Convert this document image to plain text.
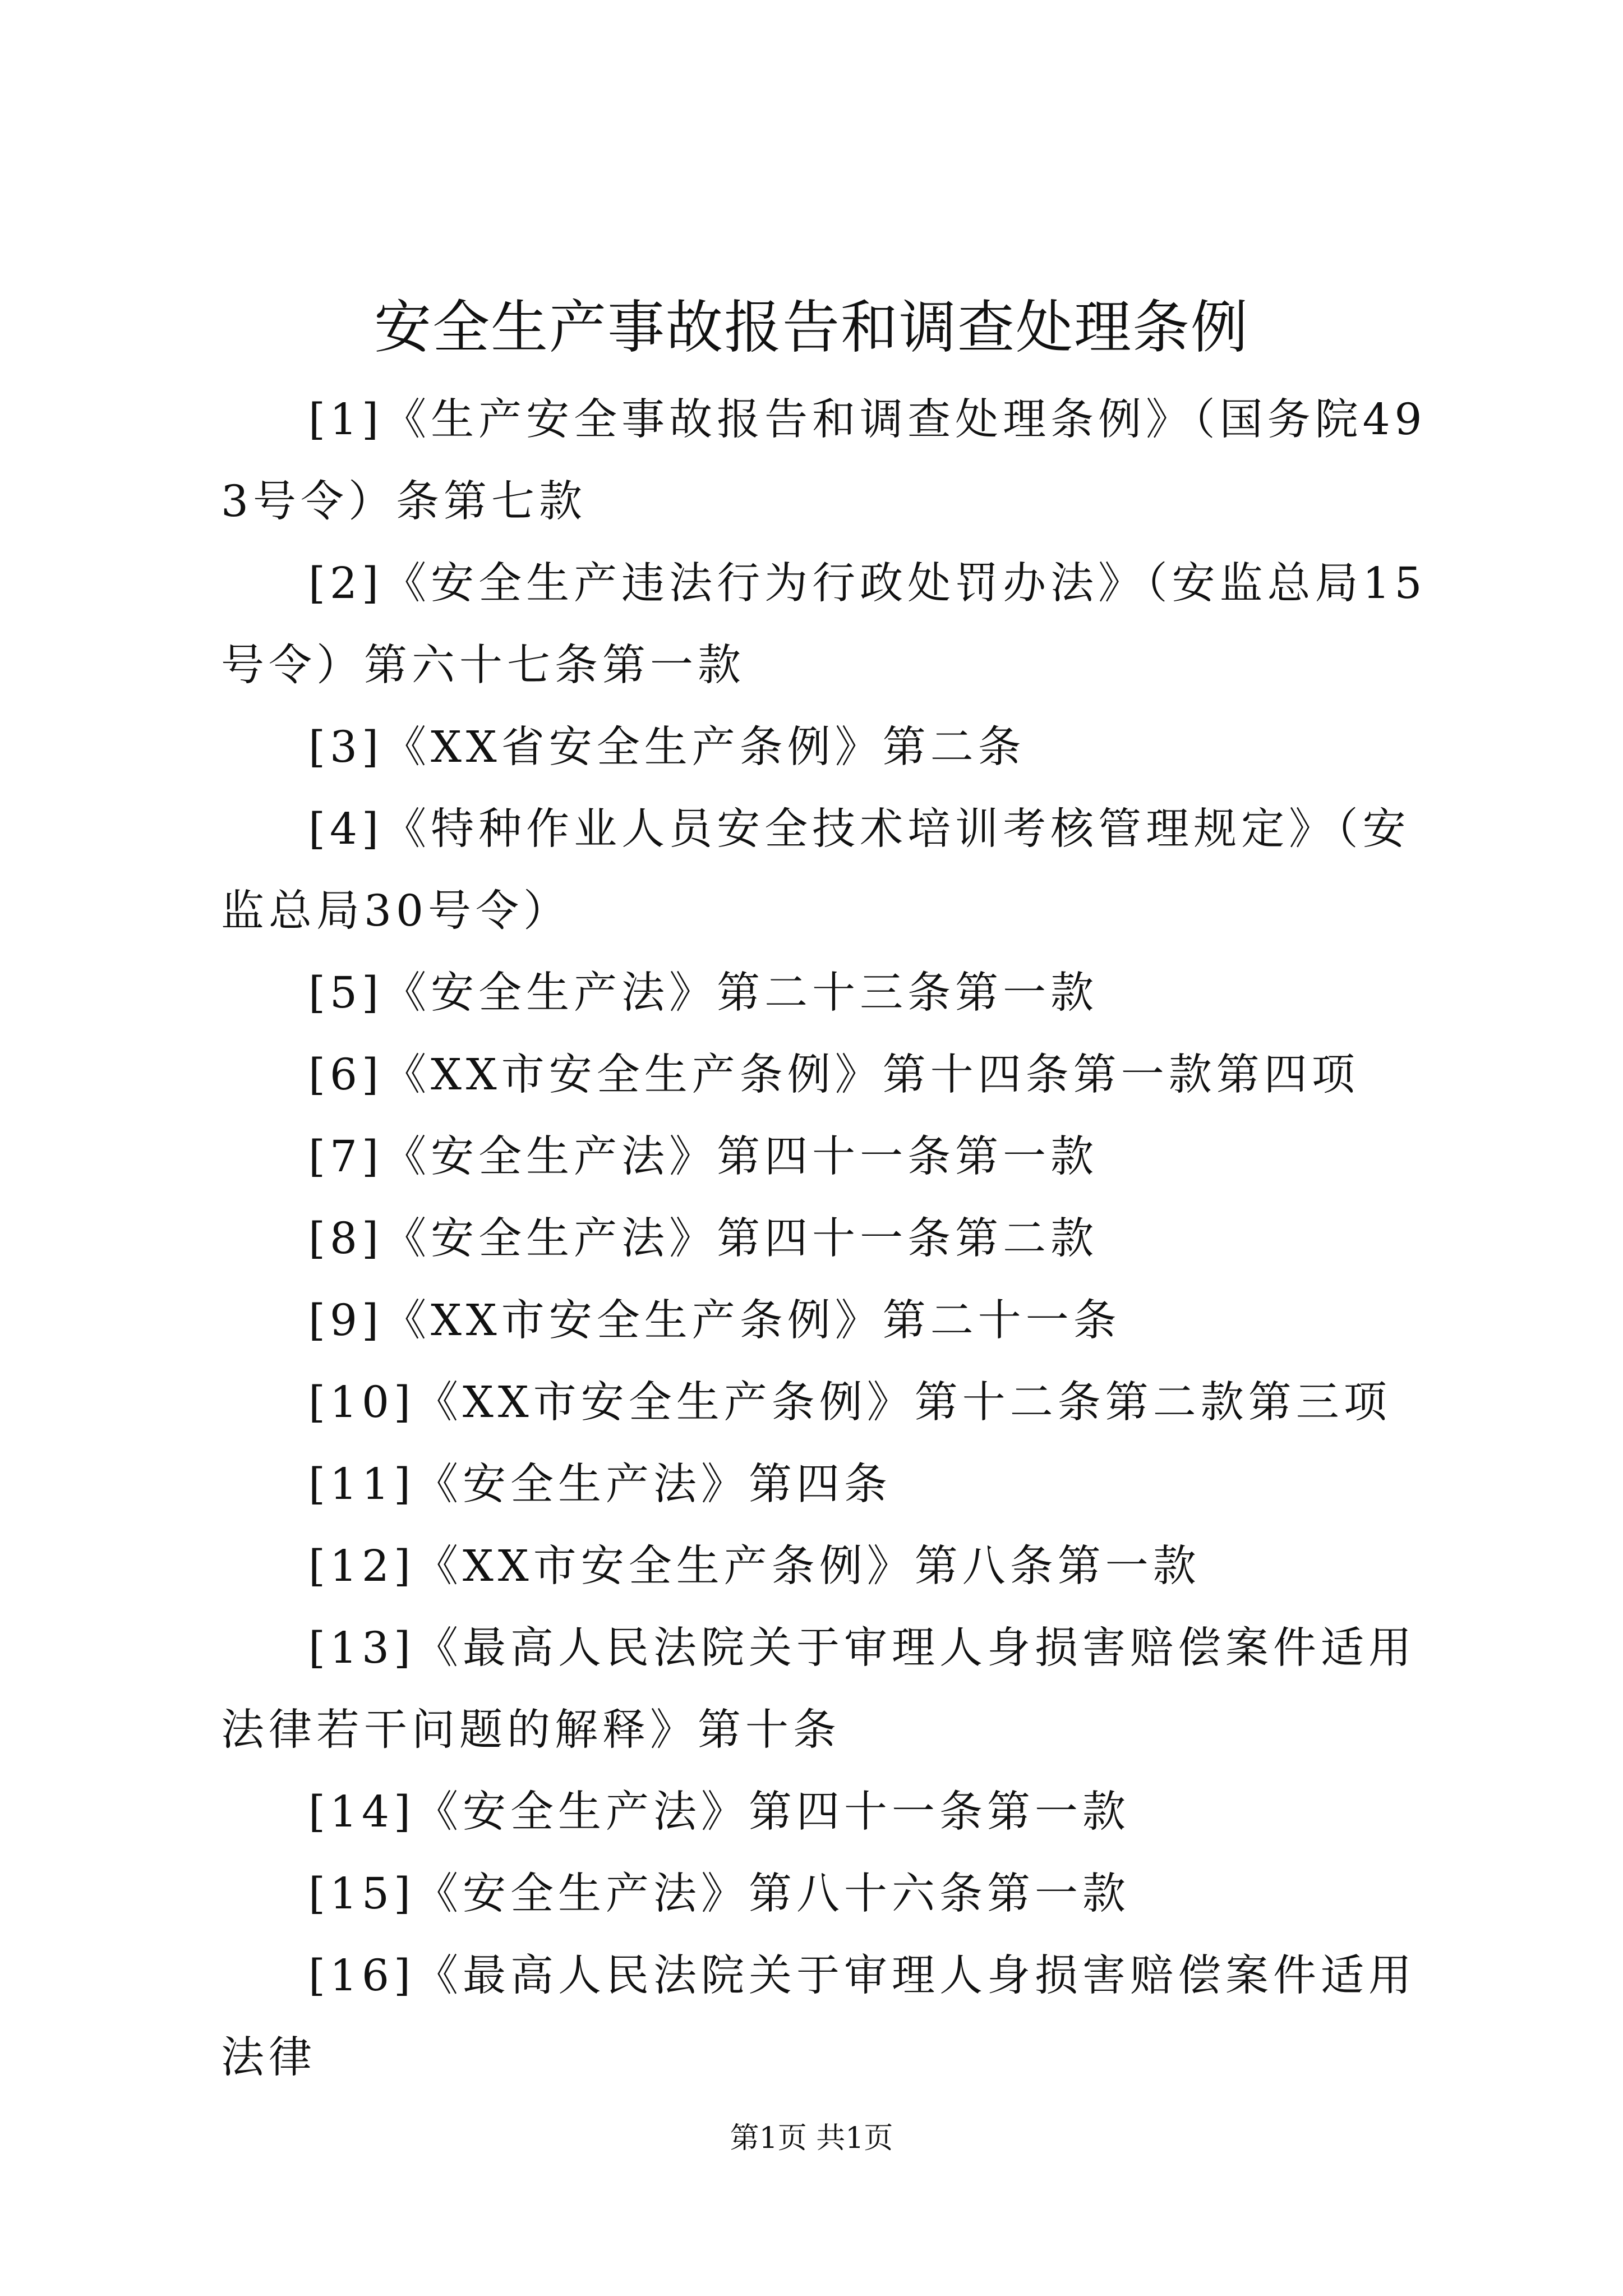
安全生产事故报告和调查处理条例

[1]《生产安全事故报告和调查处理条例》（国务院493号令）条第七款

[2]《安全生产违法行为行政处罚办法》（安监总局15号令）第六十七条第一款

[3]《XX省安全生产条例》第二条

[4]《特种作业人员安全技术培训考核管理规定》（安监总局30号令）

[5]《安全生产法》第二十三条第一款

[6]《XX市安全生产条例》第十四条第一款第四项

[7]《安全生产法》第四十一条第一款

[8]《安全生产法》第四十一条第二款

[9]《XX市安全生产条例》第二十一条

[10]《XX市安全生产条例》第十二条第二款第三项

[11]《安全生产法》第四条

[12]《XX市安全生产条例》第八条第一款

[13]《最高人民法院关于审理人身损害赔偿案件适用法律若干问题的解释》第十条

[14]《安全生产法》第四十一条第一款

[15]《安全生产法》第八十六条第一款

[16]《最高人民法院关于审理人身损害赔偿案件适用法律

第1页 共1页
